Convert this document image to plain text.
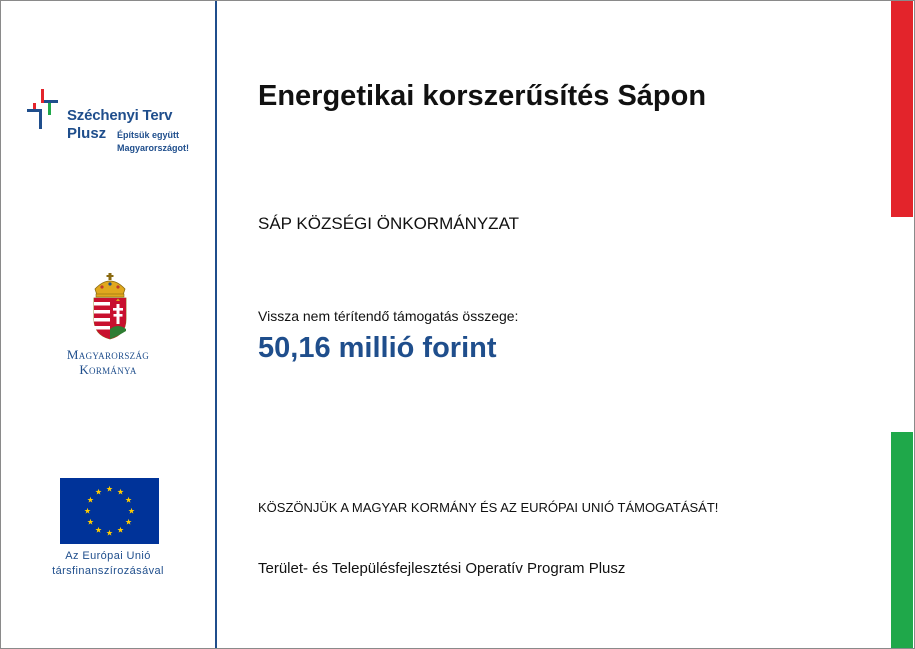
Széchenyi Terv
Plusz Építsük együtt
Magyarországot!
Magyarország
Kormánya
Az Európai Unió
társfinanszírozásával
Energetikai korszerűsítés Sápon
SÁP KÖZSÉGI ÖNKORMÁNYZAT
Vissza nem térítendő támogatás összege:
50,16 millió forint
KÖSZÖNJÜK A MAGYAR KORMÁNY ÉS AZ EURÓPAI UNIÓ TÁMOGATÁSÁT!
Terület- és Településfejlesztési Operatív Program Plusz
